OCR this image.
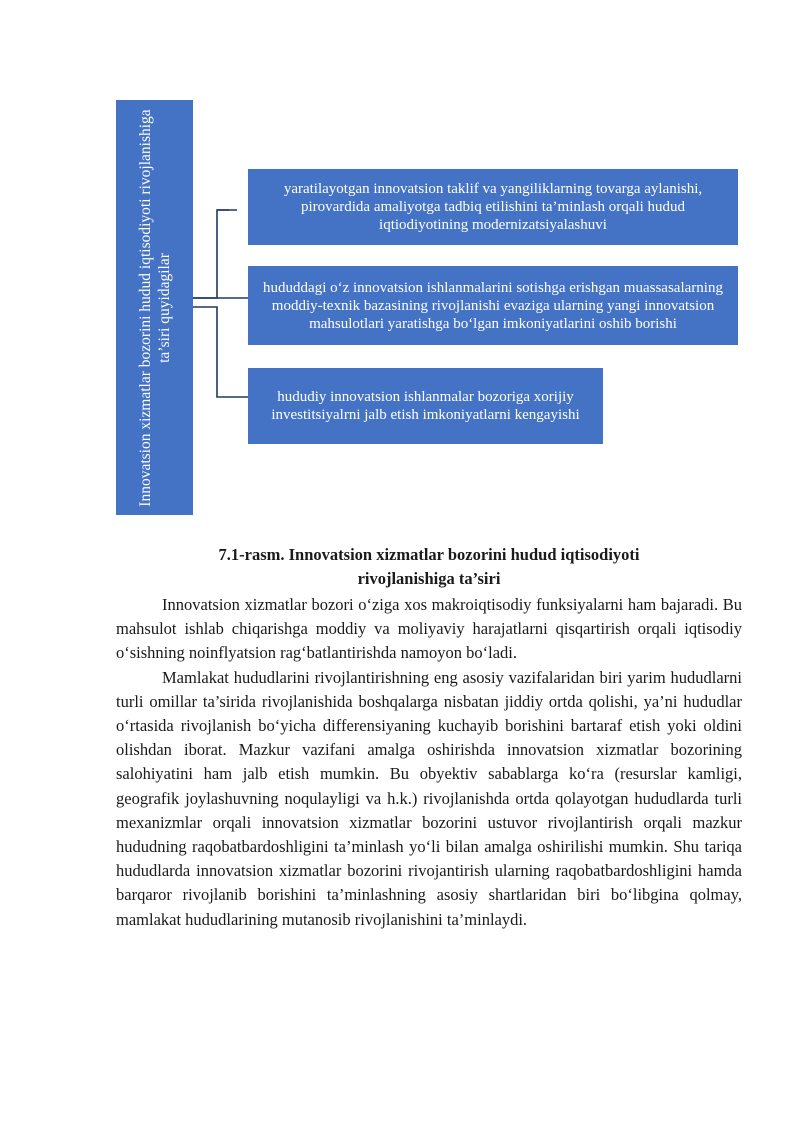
Innovatsion xizmatlar bozorini hudud iqtisodiyoti rivojlanishiga ta’siri quyidagilar
yaratilayotgan innovatsion taklif va yangiliklarning tovarga aylanishi, pirovardida amaliyotga tadbiq etilishini ta’minlash orqali hudud iqtiodiyotining modernizatsiyalashuvi
hududdagi o‘z innovatsion ishlanmalarini sotishga erishgan muassasalarning moddiy-texnik bazasining rivojlanishi evaziga ularning yangi innovatsion mahsulotlari yaratishga bo‘lgan imkoniyatlarini oshib borishi
hududiy innovatsion ishlanmalar bozoriga xorijiy investitsiyalrni jalb etish imkoniyatlarni kengayishi
7.1-rasm. Innovatsion xizmatlar bozorini hudud iqtisodiyoti
rivojlanishiga ta’siri

Innovatsion xizmatlar bozori o‘ziga xos makroiqtisodiy funksiyalarni ham bajaradi. Bu mahsulot ishlab chiqarishga moddiy va moliyaviy harajatlarni qisqartirish orqali iqtisodiy o‘sishning noinflyatsion rag‘batlantirishda namoyon bo‘ladi.

Mamlakat hududlarini rivojlantirishning eng asosiy vazifalaridan biri yarim hududlarni turli omillar ta’sirida rivojlanishida boshqalarga nisbatan jiddiy ortda qolishi, ya’ni hududlar o‘rtasida rivojlanish bo‘yicha differensiyaning kuchayib borishini bartaraf etish yoki oldini olishdan iborat. Mazkur vazifani amalga oshirishda innovatsion xizmatlar bozorining salohiyatini ham jalb etish mumkin. Bu obyektiv sabablarga ko‘ra (resurslar kamligi, geografik joylashuvning noqulayligi va h.k.) rivojlanishda ortda qolayotgan hududlarda turli mexanizmlar orqali innovatsion xizmatlar bozorini ustuvor rivojlantirish orqali mazkur hududning raqobatbardoshligini ta’minlash yo‘li bilan amalga oshirilishi mumkin. Shu tariqa hududlarda innovatsion xizmatlar bozorini rivojantirish ularning raqobatbardoshligini hamda barqaror rivojlanib borishini ta’minlashning asosiy shartlaridan biri bo‘libgina qolmay, mamlakat hududlarining mutanosib rivojlanishini ta’minlaydi.
